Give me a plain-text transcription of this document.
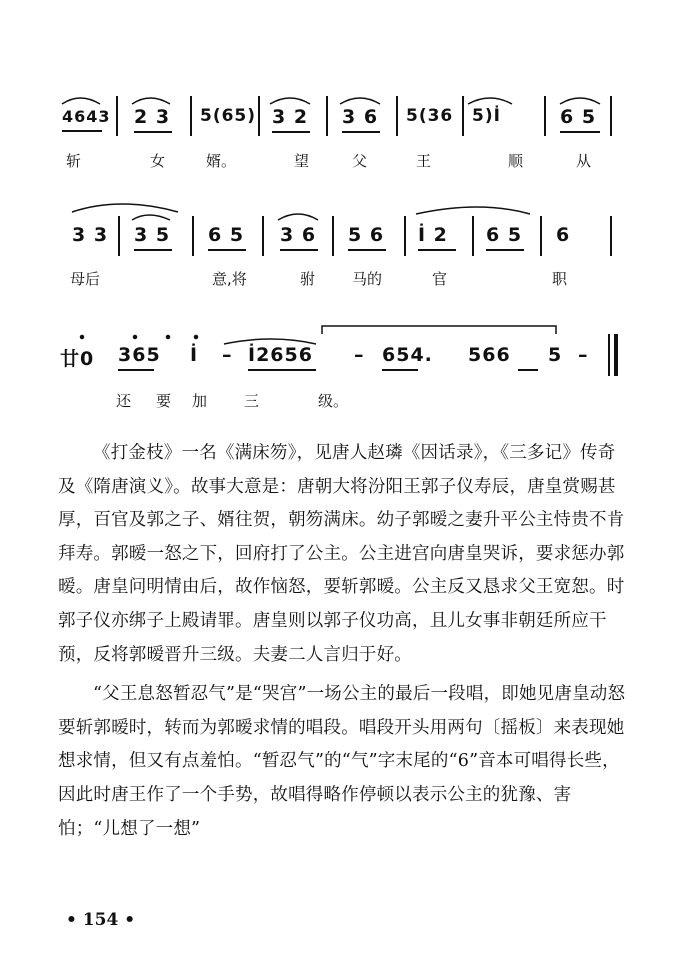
4643 2 3 5(65) 3 2 3 6 5(36 5)İ	6 5
斩	女	婿。	望	父	王	顺	从
3 3 3 5 6 5 3 6 5 6 İ 2 6 5 6
母后	意,将	驸 马的	官	职
廿0 365 İ – İ2656 – 654. 566 5 –
还 要 加 三	级。

《打金枝》一名《满床笏》，见唐人赵璘《因话录》，《三多记》传奇及《隋唐演义》。故事大意是：唐朝大将汾阳王郭子仪寿辰，唐皇赏赐甚厚，百官及郭之子、婿往贺，朝笏满床。幼子郭暧之妻升平公主恃贵不肯拜寿。郭暧一怒之下，回府打了公主。公主进宫向唐皇哭诉，要求惩办郭暧。唐皇问明情由后，故作恼怒，要斩郭暧。公主反又恳求父王宽恕。时郭子仪亦绑子上殿请罪。唐皇则以郭子仪功高，且儿女事非朝廷所应干预，反将郭暧晋升三级。夫妻二人言归于好。

“父王息怒暂忍气”是“哭宫”一场公主的最后一段唱，即她见唐皇动怒要斩郭暧时，转而为郭暧求情的唱段。唱段开头用两句〔摇板〕来表现她想求情，但又有点羞怕。“暂忍气”的“气”字末尾的“6”音本可唱得长些，因此时唐王作了一个手势，故唱得略作停顿以表示公主的犹豫、害怕；“儿想了一想”

• 154 •
